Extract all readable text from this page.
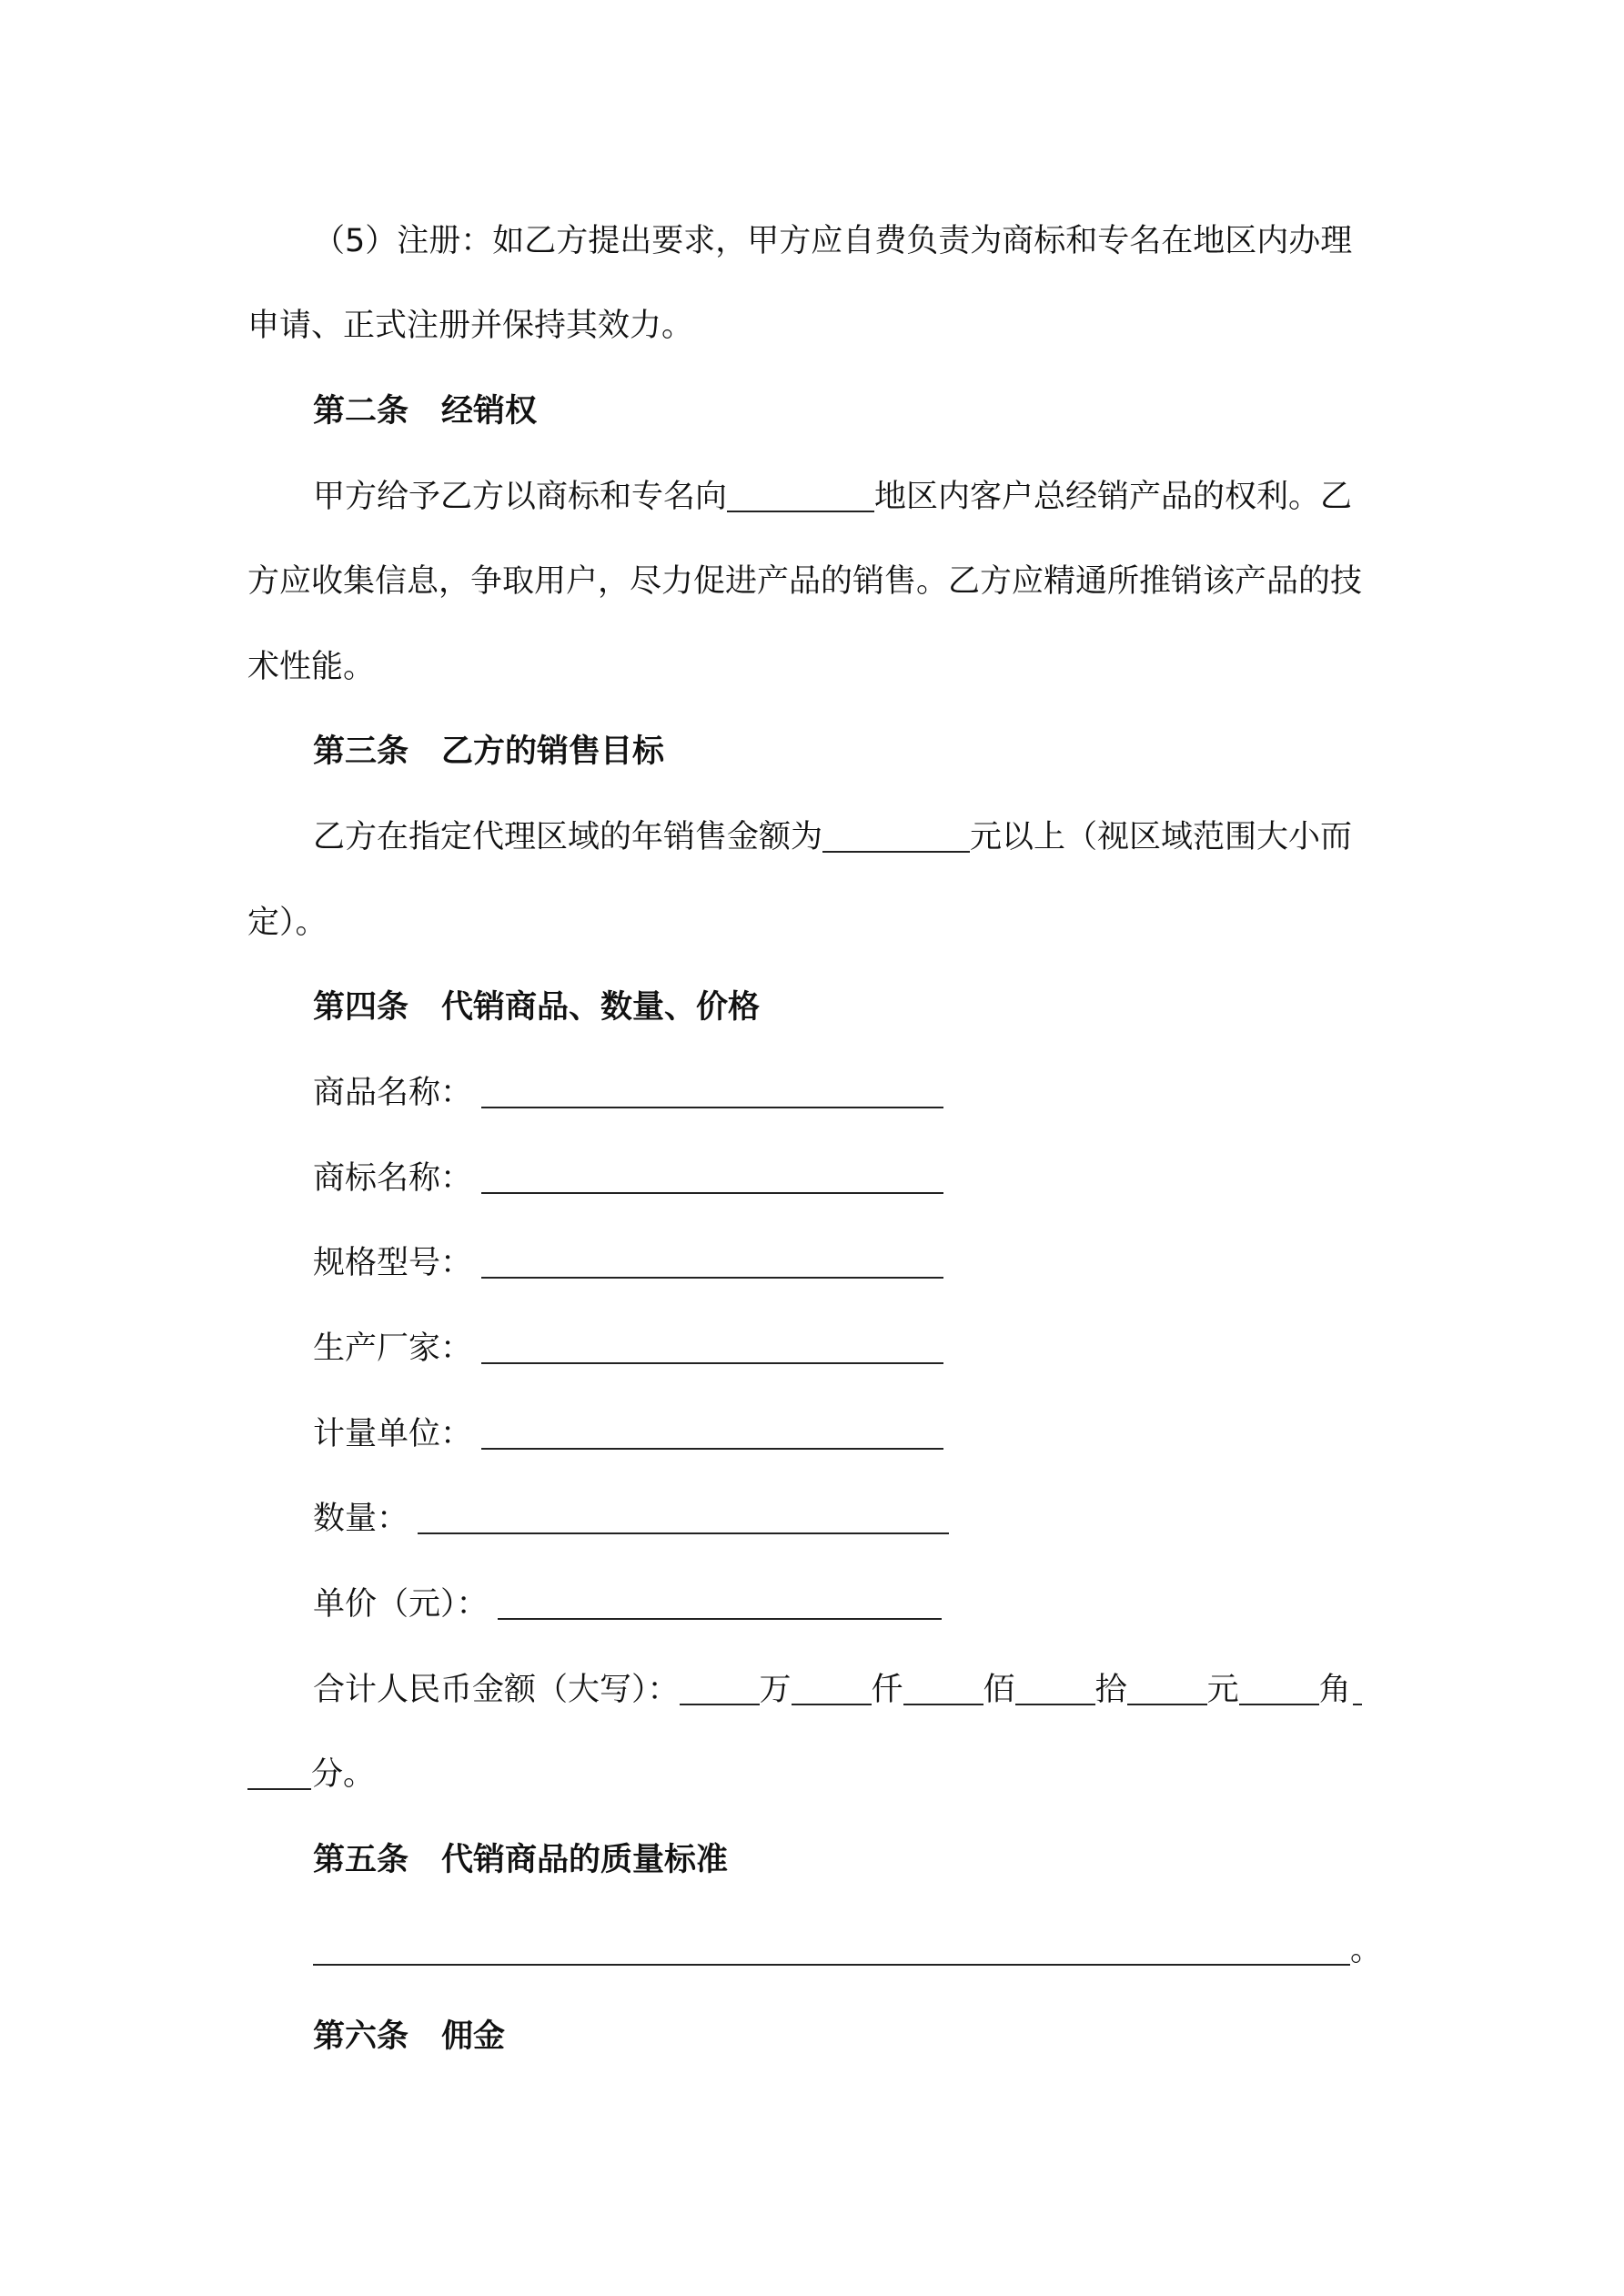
（5）注册：如乙方提出要求，甲方应自费负责为商标和专名在地区内办理
申请、正式注册并保持其效力。
第二条 经销权
甲方给予乙方以商标和专名向	地区内客户总经销产品的权利。乙
方应收集信息，争取用户，尽力促进产品的销售。乙方应精通所推销该产品的技
术性能。
第三条 乙方的销售目标
乙方在指定代理区域的年销售金额为	元以上（视区域范围大小而
定）。
第四条 代销商品、数量、价格
商品名称：
商标名称：
规格型号：
生产厂家：
计量单位：
数量：
单价（元）：
合计人民币金额（大写）：	万	仟	佰	拾	元	角
分。
第五条 代销商品的质量标准
。
第六条 佣金
